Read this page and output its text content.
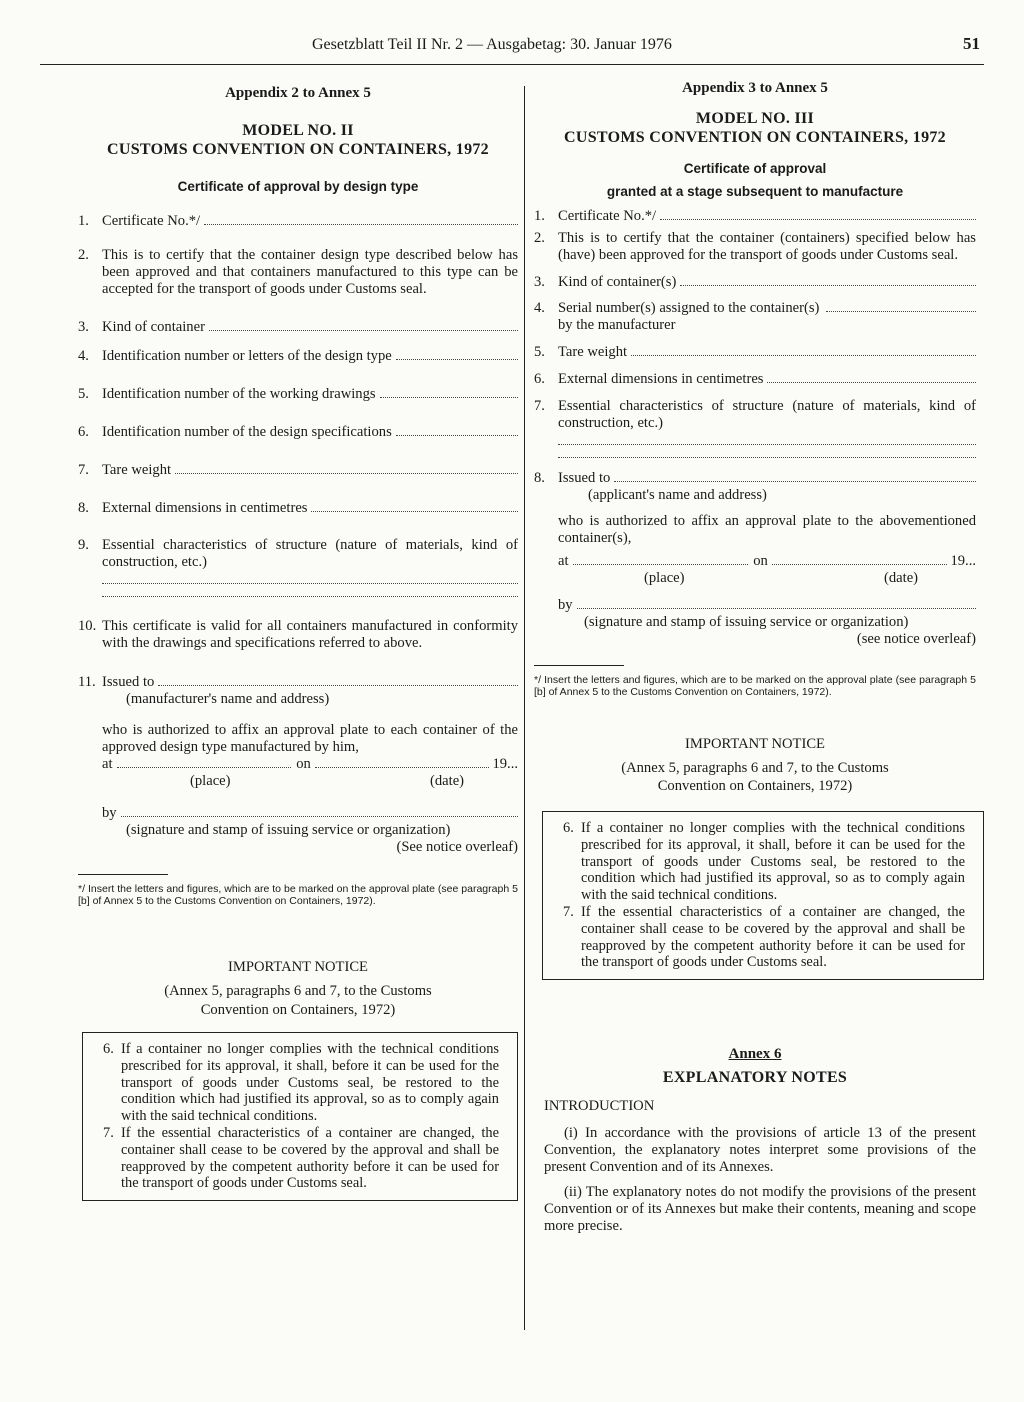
Gesetzblatt Teil II Nr. 2 — Ausgabetag: 30. Januar 1976	51
Appendix 2 to Annex 5
MODEL NO. II
CUSTOMS CONVENTION ON CONTAINERS, 1972
Certificate of approval by design type
1. Certificate No.*/
2. This is to certify that the container design type described below has been approved and that containers manufactured to this type can be accepted for the transport of goods under Customs seal.
3. Kind of container
4. Identification number or letters of the design type
5. Identification number of the working drawings
6. Identification number of the design specifications
7. Tare weight
8. External dimensions in centimetres
9. Essential characteristics of structure (nature of materials, kind of construction, etc.)
10. This certificate is valid for all containers manufactured in conformity with the drawings and specifications referred to above.
11. Issued to
(manufacturer's name and address)
who is authorized to affix an approval plate to each container of the approved design type manufactured by him,
at	on	19...
(place)	(date)
by
(signature and stamp of issuing service or organization)
(See notice overleaf)
*/ Insert the letters and figures, which are to be marked on the approval plate (see paragraph 5 [b] of Annex 5 to the Customs Convention on Containers, 1972).
IMPORTANT NOTICE
(Annex 5, paragraphs 6 and 7, to the Customs Convention on Containers, 1972)
6. If a container no longer complies with the technical conditions prescribed for its approval, it shall, before it can be used for the transport of goods under Customs seal, be restored to the condition which had justified its approval, so as to comply again with the said technical conditions.
7. If the essential characteristics of a container are changed, the container shall cease to be covered by the approval and shall be reapproved by the competent authority before it can be used for the transport of goods under Customs seal.
Appendix 3 to Annex 5
MODEL NO. III
CUSTOMS CONVENTION ON CONTAINERS, 1972
Certificate of approval
granted at a stage subsequent to manufacture
1. Certificate No.*/
2. This is to certify that the container (containers) specified below has (have) been approved for the transport of goods under Customs seal.
3. Kind of container(s)
4. Serial number(s) assigned to the container(s) by the manufacturer
5. Tare weight
6. External dimensions in centimetres
7. Essential characteristics of structure (nature of materials, kind of construction, etc.)
8. Issued to
(applicant's name and address)
who is authorized to affix an approval plate to the abovementioned container(s),
at	on	19...
(place)	(date)
by
(signature and stamp of issuing service or organization)
(see notice overleaf)
*/ Insert the letters and figures, which are to be marked on the approval plate (see paragraph 5 [b] of Annex 5 to the Customs Convention on Containers, 1972).
IMPORTANT NOTICE
(Annex 5, paragraphs 6 and 7, to the Customs Convention on Containers, 1972)
6. If a container no longer complies with the technical conditions prescribed for its approval, it shall, before it can be used for the transport of goods under Customs seal, be restored to the condition which had justified its approval, so as to comply again with the said technical conditions.
7. If the essential characteristics of a container are changed, the container shall cease to be covered by the approval and shall be reapproved by the competent authority before it can be used for the transport of goods under Customs seal.
Annex 6
EXPLANATORY NOTES
INTRODUCTION
(i) In accordance with the provisions of article 13 of the present Convention, the explanatory notes interpret some provisions of the present Convention and of its Annexes.
(ii) The explanatory notes do not modify the provisions of the present Convention or of its Annexes but make their contents, meaning and scope more precise.
